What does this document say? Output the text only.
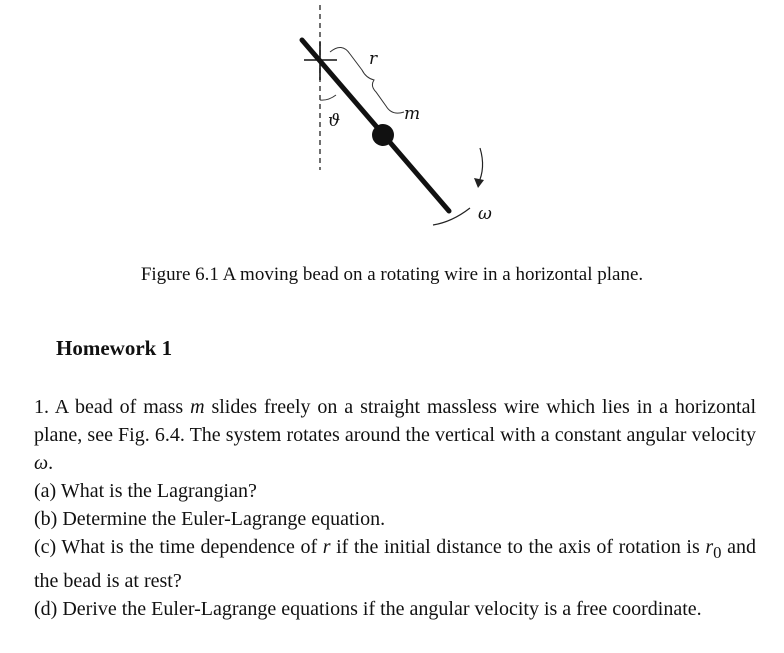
r
ϑ	m
ω
Figure 6.1 A moving bead on a rotating wire in a horizontal plane.
Homework 1

1. A bead of mass m slides freely on a straight massless wire which lies in a horizontal plane, see Fig. 6.4. The system rotates around the vertical with a constant angular velocity ω.

(a) What is the Lagrangian?

(b) Determine the Euler-Lagrange equation.

(c) What is the time dependence of r if the initial distance to the axis of rotation is $r_0$ and the bead is at rest?

(d) Derive the Euler-Lagrange equations if the angular velocity is a free coordinate.
